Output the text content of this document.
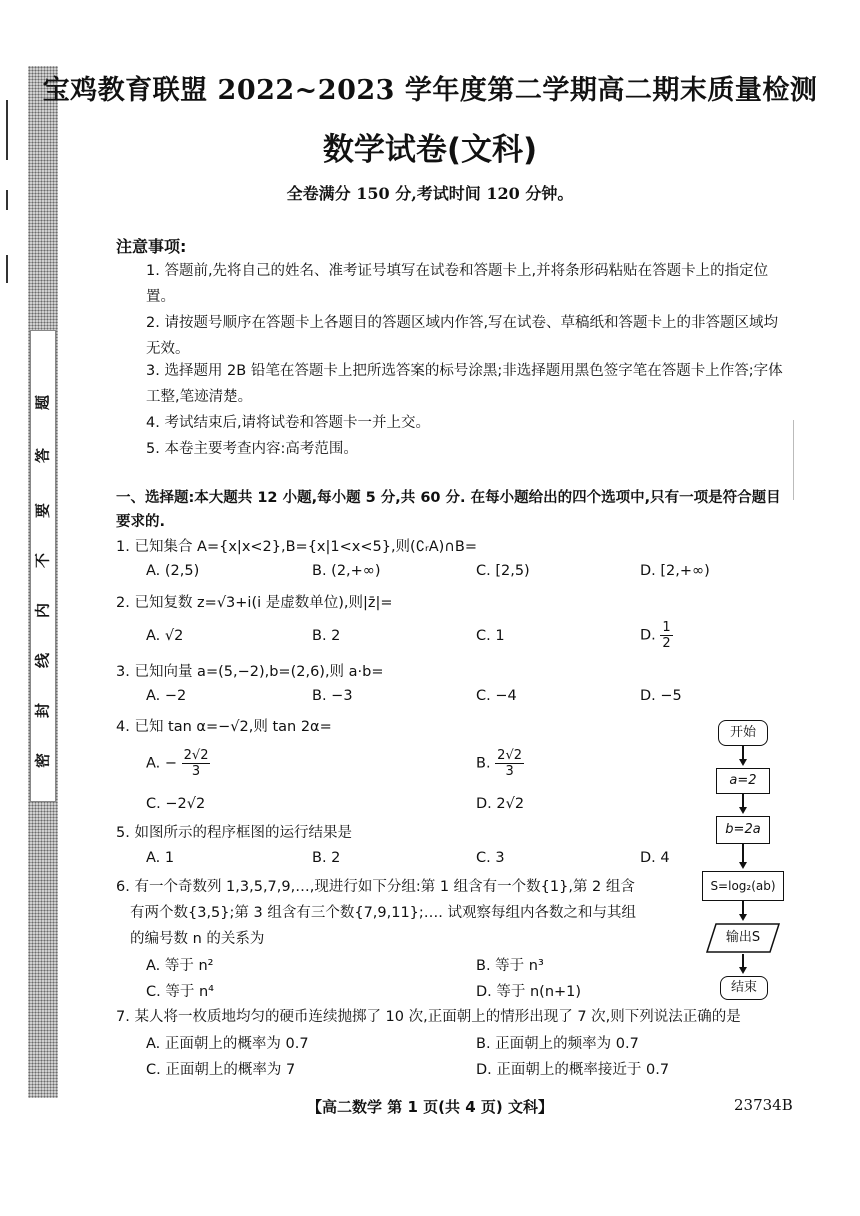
题
答
要
不
内
线
封
密
宝鸡教育联盟 2022~2023 学年度第二学期高二期末质量检测
数学试卷(文科)
全卷满分 150 分,考试时间 120 分钟。
注意事项:
1. 答题前,先将自己的姓名、准考证号填写在试卷和答题卡上,并将条形码粘贴在答题卡上的指定位置。
2. 请按题号顺序在答题卡上各题目的答题区域内作答,写在试卷、草稿纸和答题卡上的非答题区域均无效。
3. 选择题用 2B 铅笔在答题卡上把所选答案的标号涂黑;非选择题用黑色签字笔在答题卡上作答;字体工整,笔迹清楚。
4. 考试结束后,请将试卷和答题卡一并上交。
5. 本卷主要考查内容:高考范围。
一、选择题:本大题共 12 小题,每小题 5 分,共 60 分. 在每小题给出的四个选项中,只有一项是符合题目要求的.
1. 已知集合 A={x|x<2},B={x|1<x<5},则(∁ᵣA)∩B=
A. (2,5)	B. (2,+∞)	C. [2,5)	D. [2,+∞)
2. 已知复数 z=√3+i(i 是虚数单位),则|z̄|=
A. √2	B. 2	C. 1	D. $\frac{1}{2}$
3. 已知向量 a=(5,−2),b=(2,6),则 a·b=
A. −2	B. −3	C. −4	D. −5
4. 已知 tan α=−√2,则 tan 2α=
A. − $\frac{2√2}{3}$	B. $\frac{2√2}{3}$
C. −2√2	D. 2√2
5. 如图所示的程序框图的运行结果是
A. 1	B. 2	C. 3	D. 4
6. 有一个奇数列 1,3,5,7,9,…,现进行如下分组:第 1 组含有一个数{1},第 2 组含
有两个数{3,5};第 3 组含有三个数{7,9,11};…. 试观察每组内各数之和与其组
的编号数 n 的关系为
A. 等于 n²	B. 等于 n³
C. 等于 n⁴	D. 等于 n(n+1)
7. 某人将一枚质地均匀的硬币连续抛掷了 10 次,正面朝上的情形出现了 7 次,则下列说法正确的是
A. 正面朝上的概率为 0.7	B. 正面朝上的频率为 0.7
C. 正面朝上的概率为 7	D. 正面朝上的概率接近于 0.7
开始
a=2
b=2a
S=log₂(ab)
输出S
结束
【高二数学 第 1 页(共 4 页) 文科】	23734B
